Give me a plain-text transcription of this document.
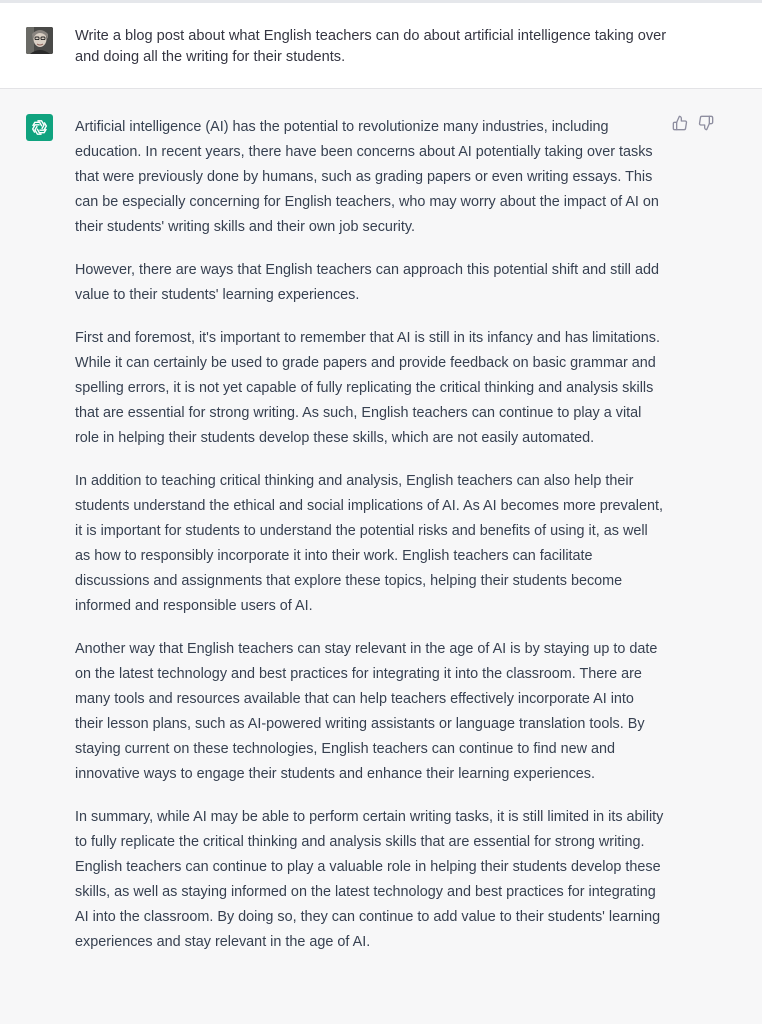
Write a blog post about what English teachers can do about artificial intelligence taking over and doing all the writing for their students.

Artificial intelligence (AI) has the potential to revolutionize many industries, including education. In recent years, there have been concerns about AI potentially taking over tasks that were previously done by humans, such as grading papers or even writing essays. This can be especially concerning for English teachers, who may worry about the impact of AI on their students' writing skills and their own job security.

However, there are ways that English teachers can approach this potential shift and still add value to their students' learning experiences.

First and foremost, it's important to remember that AI is still in its infancy and has limitations. While it can certainly be used to grade papers and provide feedback on basic grammar and spelling errors, it is not yet capable of fully replicating the critical thinking and analysis skills that are essential for strong writing. As such, English teachers can continue to play a vital role in helping their students develop these skills, which are not easily automated.

In addition to teaching critical thinking and analysis, English teachers can also help their students understand the ethical and social implications of AI. As AI becomes more prevalent, it is important for students to understand the potential risks and benefits of using it, as well as how to responsibly incorporate it into their work. English teachers can facilitate discussions and assignments that explore these topics, helping their students become informed and responsible users of AI.

Another way that English teachers can stay relevant in the age of AI is by staying up to date on the latest technology and best practices for integrating it into the classroom. There are many tools and resources available that can help teachers effectively incorporate AI into their lesson plans, such as AI-powered writing assistants or language translation tools. By staying current on these technologies, English teachers can continue to find new and innovative ways to engage their students and enhance their learning experiences.

In summary, while AI may be able to perform certain writing tasks, it is still limited in its ability to fully replicate the critical thinking and analysis skills that are essential for strong writing. English teachers can continue to play a valuable role in helping their students develop these skills, as well as staying informed on the latest technology and best practices for integrating AI into the classroom. By doing so, they can continue to add value to their students' learning experiences and stay relevant in the age of AI.
